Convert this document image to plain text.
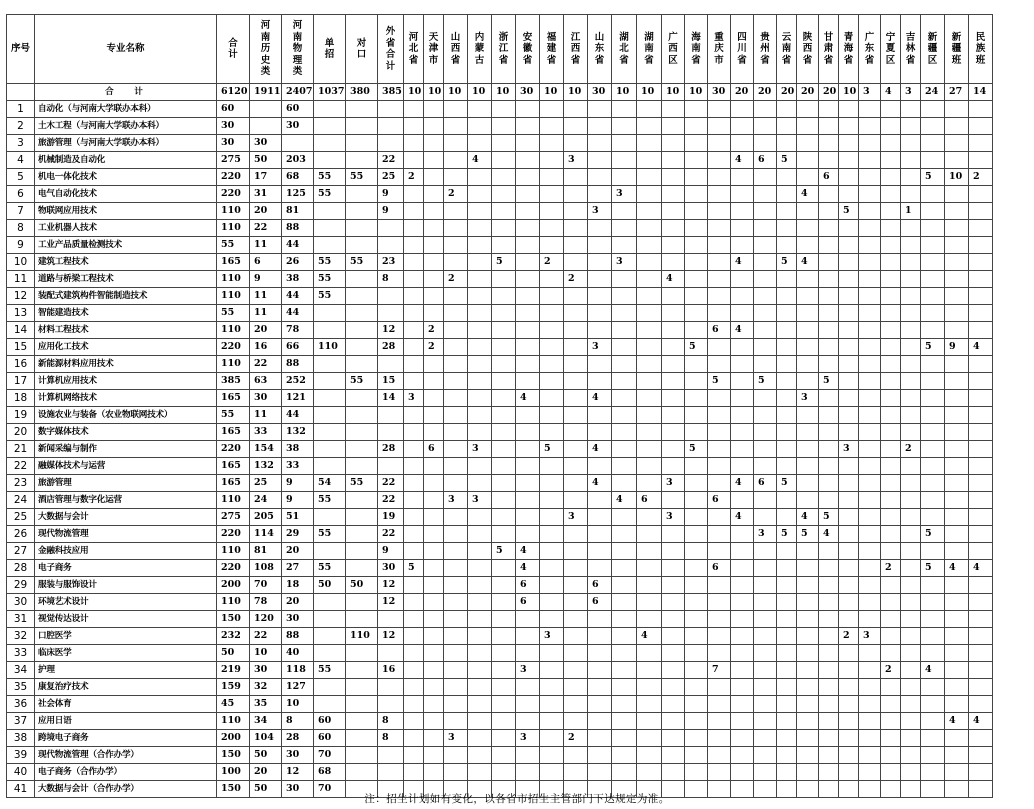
序号	专业名称	合计	河南历史类	河南物理类	单招	对口	外省合计	河北省	天津市	山西省	内蒙古	浙江省	安徽省	福建省	江西省	山东省	湖北省	湖南省	广西区	海南省	重庆市	四川省	贵州省	云南省	陕西省	甘肃省	青海省	广东省	宁夏区	吉林省	新疆区	新疆班	民族班
	合　计	6120	1911	2407	1037	380	385	10	10	10	10	10	30	10	10	30	10	10	10	10	30	20	20	20	20	20	10	3	4	3	24	27	14
1	自动化（与河南大学联办本科）	60		60																													
2	土木工程（与河南大学联办本科）	30		30																													
3	旅游管理（与河南大学联办本科）	30	30																														
4	机械制造及自动化	275	50	203			22				4				3							4	6	5									
5	机电一体化技术	220	17	68	55	55	25	2																		6					5	10	2
6	电气自动化技术	220	31	125	55		9			2							3								4								
7	物联网应用技术	110	20	81			9									3											5			1			
8	工业机器人技术	110	22	88																													
9	工业产品质量检测技术	55	11	44																													
10	建筑工程技术	165	6	26	55	55	23					5		2			3					4		5	4								
11	道路与桥梁工程技术	110	9	38	55		8			2					2				4														
12	装配式建筑构件智能制造技术	110	11	44	55																												
13	智能建造技术	55	11	44																													
14	材料工程技术	110	20	78			12		2												6	4											
15	应用化工技术	220	16	66	110		28		2							3				5											5	9	4
16	新能源材料应用技术	110	22	88																													
17	计算机应用技术	385	63	252		55	15														5		5			5							
18	计算机网络技术	165	30	121			14	3					4			4									3								
19	设施农业与装备（农业物联网技术）	55	11	44																													
20	数字媒体技术	165	33	132																													
21	新闻采编与制作	220	154	38			28		6		3			5		4				5							3			2			
22	融媒体技术与运营	165	132	33																													
23	旅游管理	165	25	9	54	55	22									4			3			4	6	5									
24	酒店管理与数字化运营	110	24	9	55		22			3	3						4	6			6												
25	大数据与会计	275	205	51			19								3				3			4			4	5							
26	现代物流管理	220	114	29	55		22																3	5	5	4					5		
27	金融科技应用	110	81	20			9					5	4																				
28	电子商务	220	108	27	55		30	5					4								6								2		5	4	4
29	服装与服饰设计	200	70	18	50	50	12						6			6																	
30	环境艺术设计	110	78	20			12						6			6																	
31	视觉传达设计	150	120	30																													
32	口腔医学	232	22	88		110	12							3				4									2	3					
33	临床医学	50	10	40																													
34	护理	219	30	118	55		16						3								7								2		4		
35	康复治疗技术	159	32	127																													
36	社会体育	45	35	10																													
37	应用日语	110	34	8	60		8																									4	4
38	跨境电子商务	200	104	28	60		8			3			3		2																		
39	现代物流管理（合作办学）	150	50	30	70																												
40	电子商务（合作办学）	100	20	12	68																												
41	大数据与会计（合作办学）	150	50	30	70																												
注：招生计划如有变化，以各省市招生主管部门下达规定为准。
